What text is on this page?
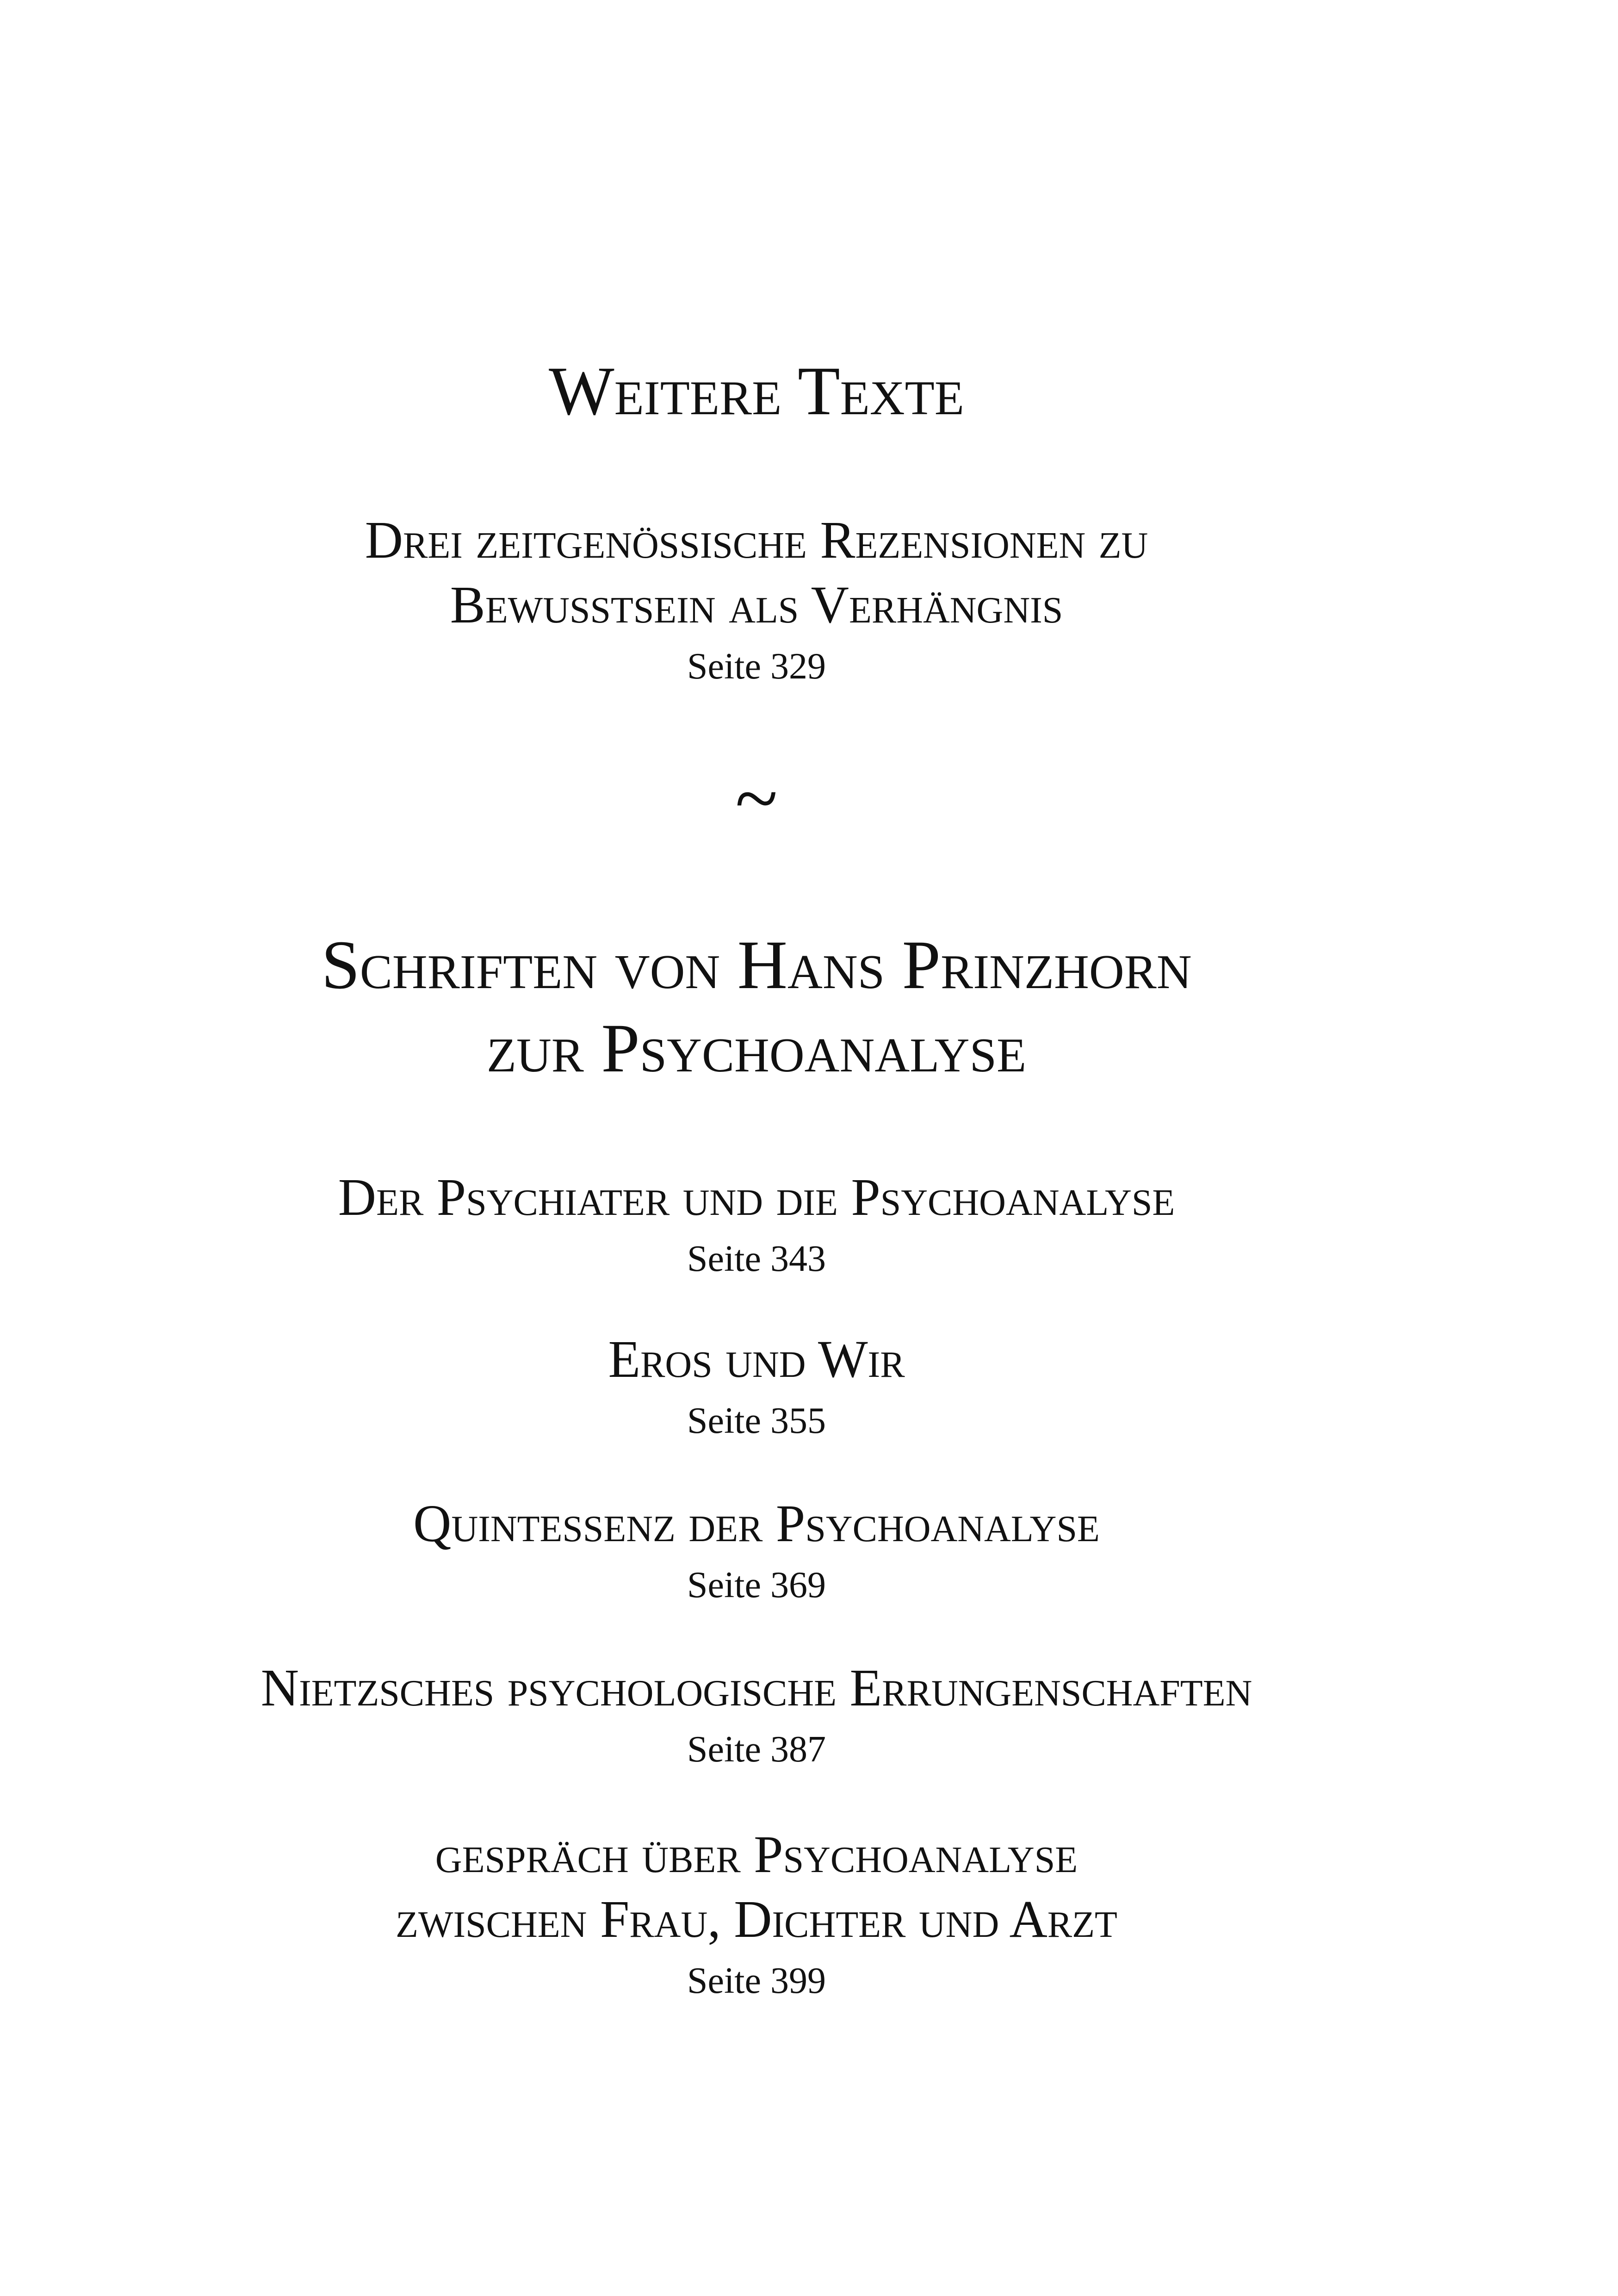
Weitere Texte
Drei zeitgenössische Rezensionen zu
Bewußtsein als Verhängnis
Seite 329
~
Schriften von Hans Prinzhorn
zur Psychoanalyse
Der Psychiater und die Psychoanalyse
Seite 343
Eros und Wir
Seite 355
Quintessenz der Psychoanalyse
Seite 369
Nietzsches psychologische Errungenschaften
Seite 387
gespräch über Psychoanalyse
zwischen Frau, Dichter und Arzt
Seite 399
